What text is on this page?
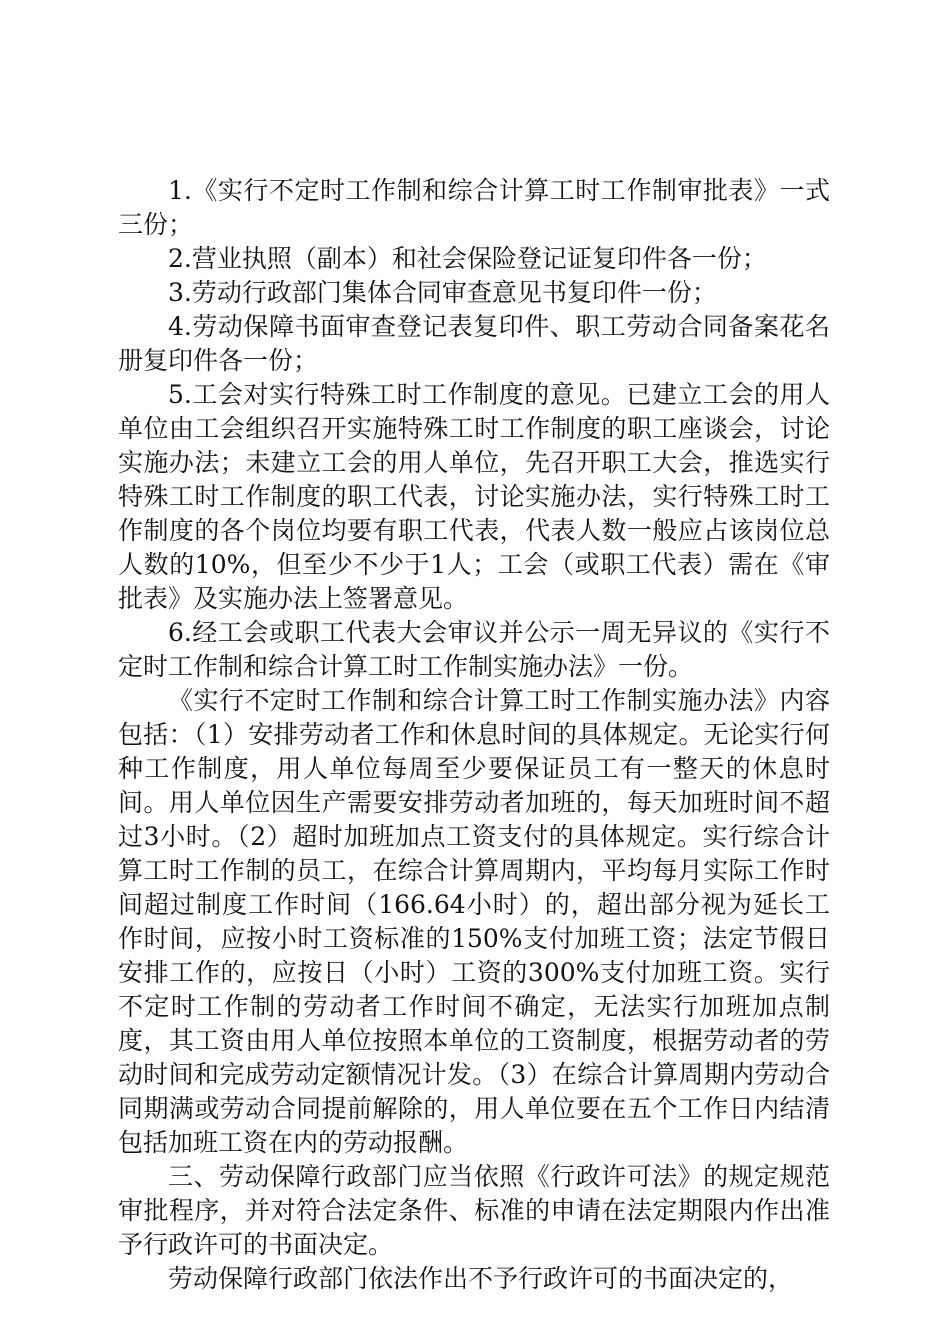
1.《实行不定时工作制和综合计算工时工作制审批表》一式三份；

2.营业执照（副本）和社会保险登记证复印件各一份；

3.劳动行政部门集体合同审查意见书复印件一份；

4.劳动保障书面审查登记表复印件、职工劳动合同备案花名册复印件各一份；

5.工会对实行特殊工时工作制度的意见。已建立工会的用人单位由工会组织召开实施特殊工时工作制度的职工座谈会，讨论实施办法；未建立工会的用人单位，先召开职工大会，推选实行特殊工时工作制度的职工代表，讨论实施办法，实行特殊工时工作制度的各个岗位均要有职工代表，代表人数一般应占该岗位总人数的10%，但至少不少于1人；工会（或职工代表）需在《审批表》及实施办法上签署意见。

6.经工会或职工代表大会审议并公示一周无异议的《实行不定时工作制和综合计算工时工作制实施办法》一份。

《实行不定时工作制和综合计算工时工作制实施办法》内容包括：（1）安排劳动者工作和休息时间的具体规定。无论实行何种工作制度，用人单位每周至少要保证员工有一整天的休息时间。用人单位因生产需要安排劳动者加班的，每天加班时间不超过3小时。（2）超时加班加点工资支付的具体规定。实行综合计算工时工作制的员工，在综合计算周期内，平均每月实际工作时间超过制度工作时间（166.64小时）的，超出部分视为延长工作时间，应按小时工资标准的150%支付加班工资；法定节假日安排工作的，应按日（小时）工资的300%支付加班工资。实行不定时工作制的劳动者工作时间不确定，无法实行加班加点制度，其工资由用人单位按照本单位的工资制度，根据劳动者的劳动时间和完成劳动定额情况计发。（3）在综合计算周期内劳动合同期满或劳动合同提前解除的，用人单位要在五个工作日内结清包括加班工资在内的劳动报酬。

三、劳动保障行政部门应当依照《行政许可法》的规定规范审批程序，并对符合法定条件、标准的申请在法定期限内作出准予行政许可的书面决定。

劳动保障行政部门依法作出不予行政许可的书面决定的，
